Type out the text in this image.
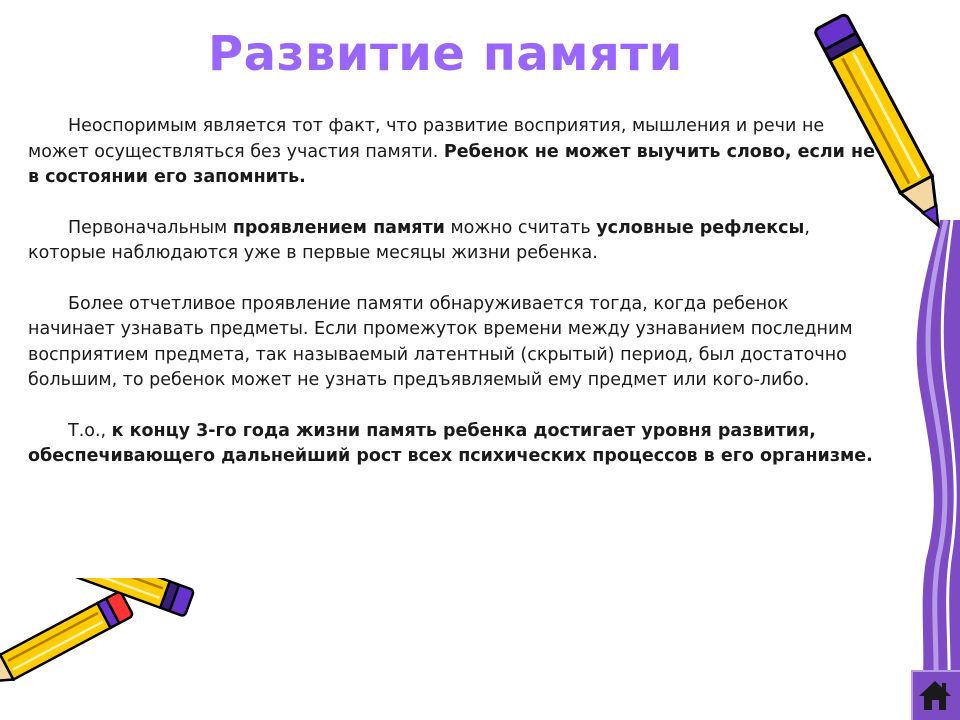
Развитие памяти

Неоспоримым является тот факт, что развитие восприятия, мышления и речи не может осуществляться без участия памяти. Ребенок не может выучить слово, если не в состоянии его запомнить.

Первоначальным проявлением памяти можно считать условные рефлексы, которые наблюдаются уже в первые месяцы жизни ребенка.

Более отчетливое проявление памяти обнаруживается тогда, когда ребенок начинает узнавать предметы. Если промежуток времени между узнаванием последним восприятием предмета, так называемый латентный (скрытый) период, был достаточно большим, то ребенок может не узнать предъявляемый ему предмет или кого-либо.

Т.о., к концу 3-го года жизни память ребенка достигает уровня развития, обеспечивающего дальнейший рост всех психических процессов в его организме.
